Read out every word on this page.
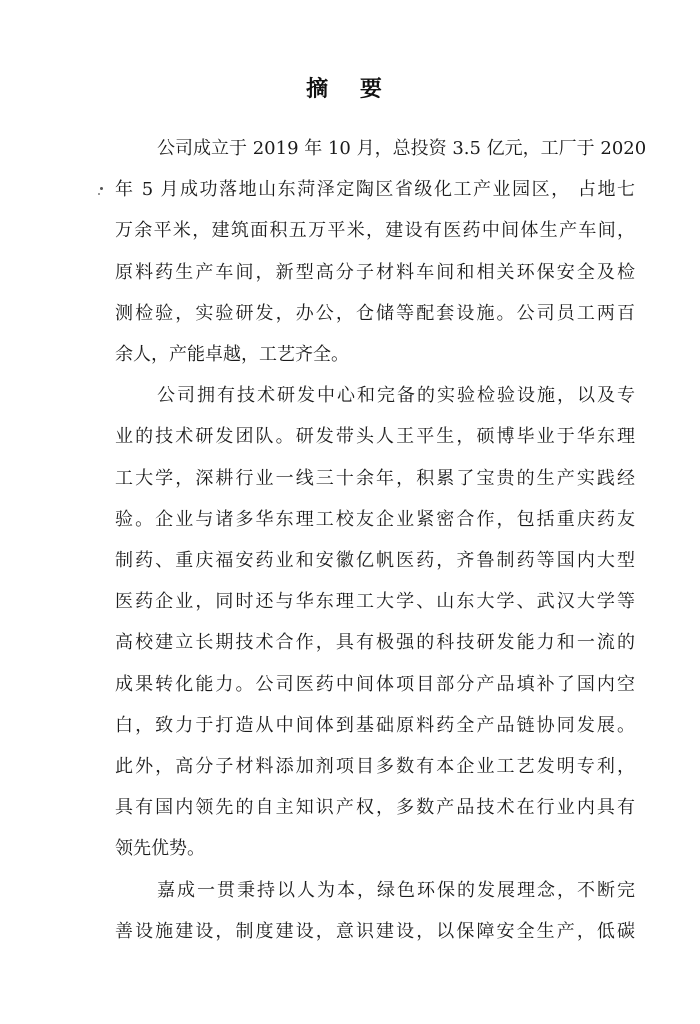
摘 要

公司成立于 2019 年 10 月，总投资 3.5 亿元，工厂于 2020
年 5 月成功落地山东菏泽定陶区省级化工产业园区， 占地七
万余平米，建筑面积五万平米，建设有医药中间体生产车间，
原料药生产车间，新型高分子材料车间和相关环保安全及检
测检验，实验研发，办公，仓储等配套设施。公司员工两百
余人，产能卓越，工艺齐全。

公司拥有技术研发中心和完备的实验检验设施，以及专
业的技术研发团队。研发带头人王平生，硕博毕业于华东理
工大学，深耕行业一线三十余年，积累了宝贵的生产实践经
验。企业与诸多华东理工校友企业紧密合作，包括重庆药友
制药、重庆福安药业和安徽亿帆医药，齐鲁制药等国内大型
医药企业，同时还与华东理工大学、山东大学、武汉大学等
高校建立长期技术合作，具有极强的科技研发能力和一流的
成果转化能力。公司医药中间体项目部分产品填补了国内空
白，致力于打造从中间体到基础原料药全产品链协同发展。
此外，高分子材料添加剂项目多数有本企业工艺发明专利，
具有国内领先的自主知识产权，多数产品技术在行业内具有
领先优势。

嘉成一贯秉持以人为本，绿色环保的发展理念，不断完
善设施建设，制度建设，意识建设，以保障安全生产，低碳
